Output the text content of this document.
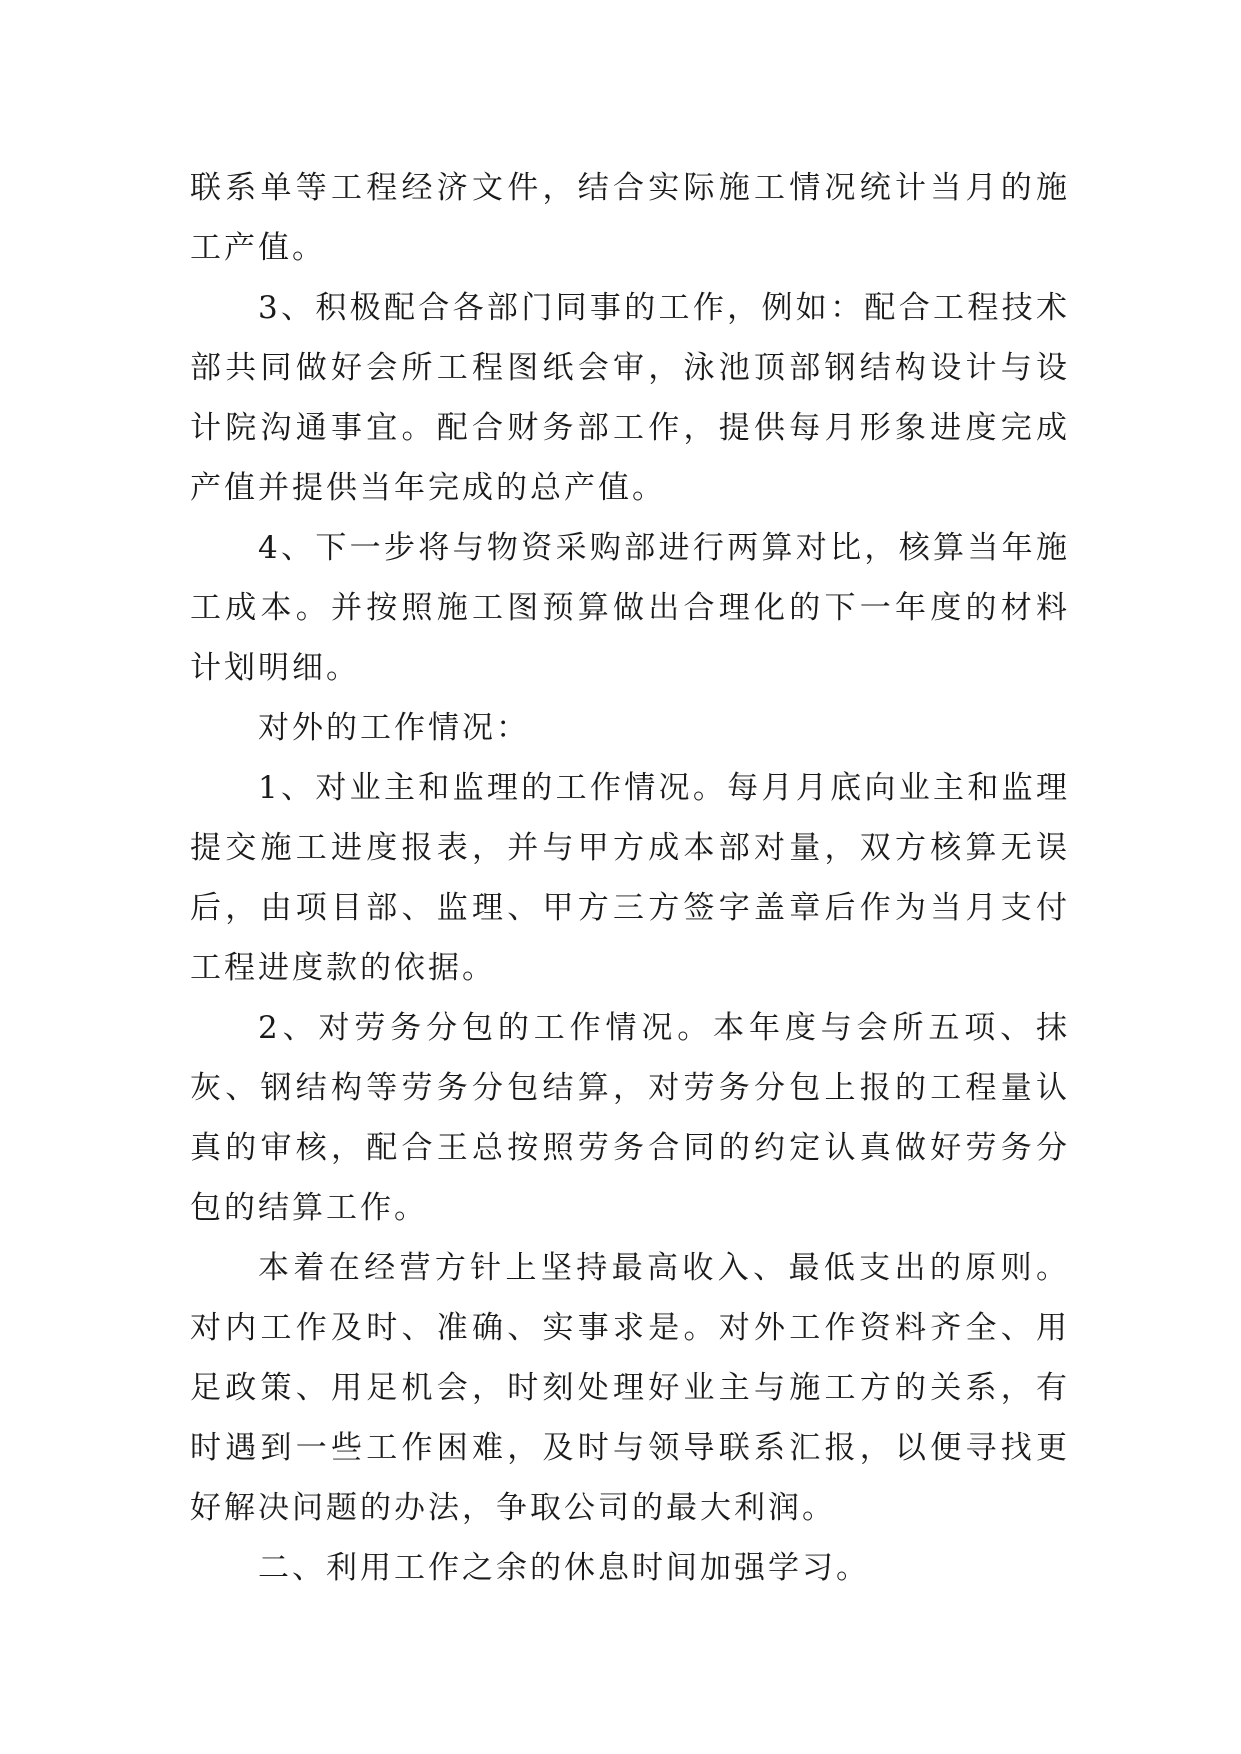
联系单等工程经济文件，结合实际施工情况统计当月的施工产值。

3、积极配合各部门同事的工作，例如：配合工程技术部共同做好会所工程图纸会审，泳池顶部钢结构设计与设计院沟通事宜。配合财务部工作，提供每月形象进度完成产值并提供当年完成的总产值。

4、下一步将与物资采购部进行两算对比，核算当年施工成本。并按照施工图预算做出合理化的下一年度的材料计划明细。

对外的工作情况：

1、对业主和监理的工作情况。每月月底向业主和监理提交施工进度报表，并与甲方成本部对量，双方核算无误后，由项目部、监理、甲方三方签字盖章后作为当月支付工程进度款的依据。

2、对劳务分包的工作情况。本年度与会所五项、抹灰、钢结构等劳务分包结算，对劳务分包上报的工程量认真的审核，配合王总按照劳务合同的约定认真做好劳务分包的结算工作。

本着在经营方针上坚持最高收入、最低支出的原则。对内工作及时、准确、实事求是。对外工作资料齐全、用足政策、用足机会，时刻处理好业主与施工方的关系，有时遇到一些工作困难，及时与领导联系汇报，以便寻找更好解决问题的办法，争取公司的最大利润。

二、利用工作之余的休息时间加强学习。
